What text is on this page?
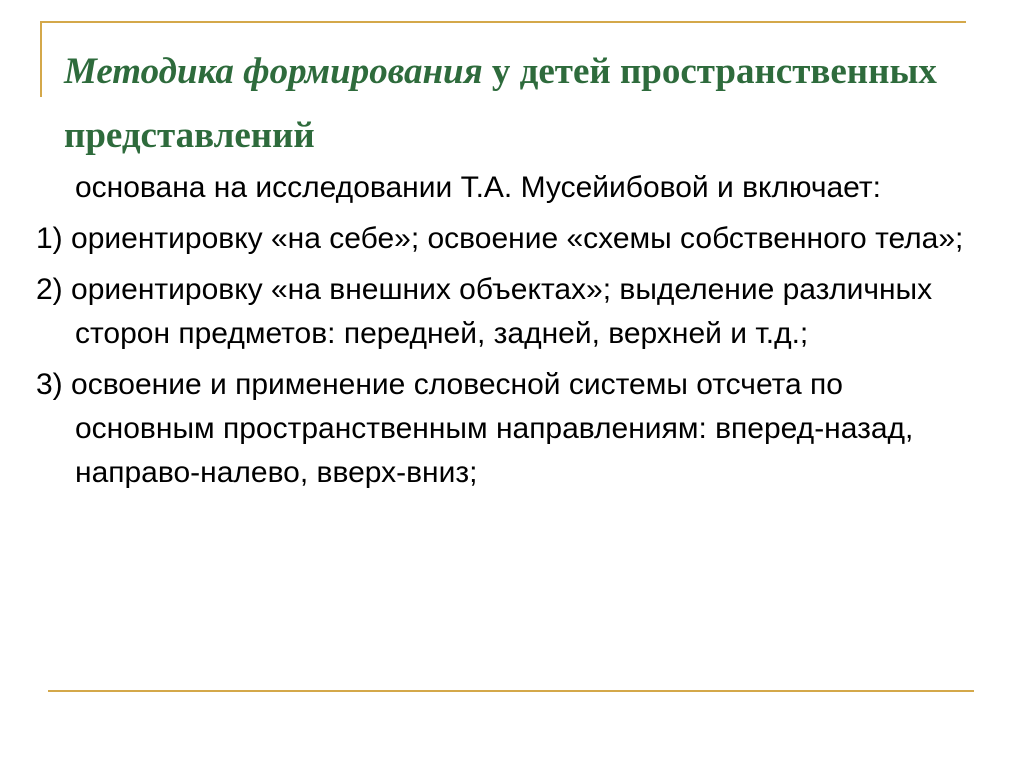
Методика формирования у детей пространственных представлений

основана на исследовании Т.А. Мусейибовой и включает:

1) ориентировку «на себе»; освоение «схемы собственного тела»;

2) ориентировку «на внешних объектах»; выделение различных сторон предметов: передней, задней, верхней и т.д.;

3) освоение и применение словесной системы отсчета по основным пространственным направлениям: вперед-назад, направо-налево, вверх-вниз;
